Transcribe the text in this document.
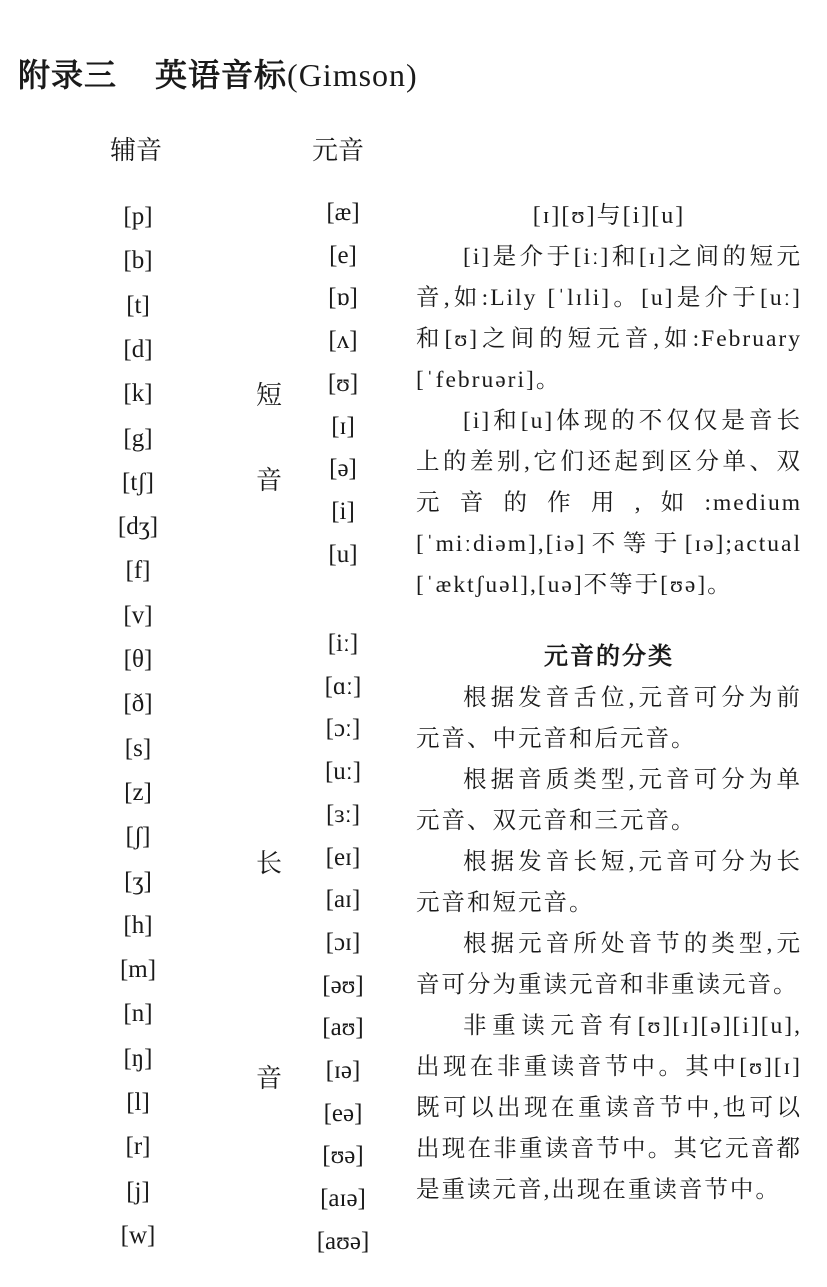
附录三 英语音标(Gimson)
辅音	元音
[p]
[b]
[t]
[d]
[k]
[g]
[tʃ]
[dʒ]
[f]
[v]
[θ]
[ð]
[s]
[z]
[ʃ]
[ʒ]
[h]
[m]
[n]
[ŋ]
[l]
[r]
[j]
[w]
[æ]
[e]
[ɒ]
[ʌ]
[ʊ]
[ɪ]
[ə]
[i]
[u]
[iː]
[ɑː]
[ɔː]
[uː]
[ɜː]
[eɪ]
[aɪ]
[ɔɪ]
[əʊ]
[aʊ]
[ɪə]
[eə]
[ʊə]
[aɪə]
[aʊə]
短
音
长
音

[ɪ][ʊ]与[i][u]

[i]是介于[iː]和[ɪ]之间的短元音,如:Lily [ˈlɪli]。[u]是介于[uː]和[ʊ]之间的短元音,如:February [ˈfebruəri]。

[i]和[u]体现的不仅仅是音长上的差别,它们还起到区分单、双元音的作用,如:medium [ˈmiːdiəm],[iə]不等于[ɪə];actual [ˈæktʃuəl],[uə]不等于[ʊə]。

元音的分类

根据发音舌位,元音可分为前元音、中元音和后元音。

根据音质类型,元音可分为单元音、双元音和三元音。

根据发音长短,元音可分为长元音和短元音。

根据元音所处音节的类型,元音可分为重读元音和非重读元音。

非重读元音有[ʊ][ɪ][ə][i][u],出现在非重读音节中。其中[ʊ][ɪ]既可以出现在重读音节中,也可以出现在非重读音节中。其它元音都是重读元音,出现在重读音节中。
